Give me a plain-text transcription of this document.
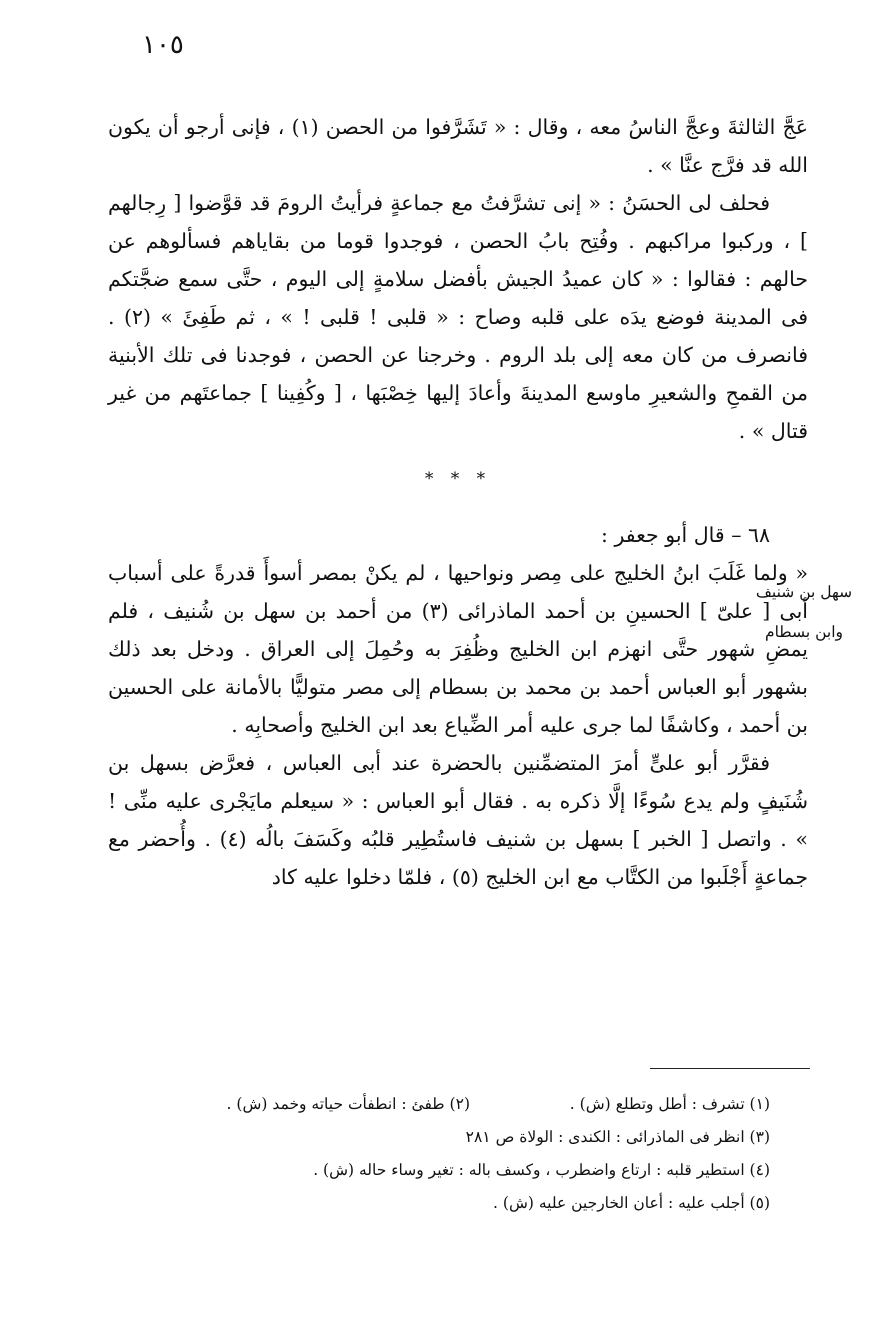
١٠٥

عَجَّ الثالثةَ وعجَّ الناسُ معه ، وقال : « تَشَرَّفوا من الحصن (١) ، فإنى أرجو أن يكون الله قد فرَّج عنَّا » .

فحلف لى الحسَنُ : « إنى تشرَّفتُ مع جماعةٍ فرأيتُ الرومَ قد قوَّضوا [ رِجالهم ] ، وركبوا مراكبهم . وفُتِح بابُ الحصن ، فوجدوا قوما من بقاياهم فسألوهم عن حالهم : فقالوا : « كان عميدُ الجيش بأفضل سلامةٍ إلى اليوم ، حتَّى سمع ضجَّتكم فى المدينة فوضع يدَه على قلبه وصاح : « قلبى ! قلبى ! » ، ثم طَفِئَ » (٢) . فانصرف من كان معه إلى بلد الروم . وخرجنا عن الحصن ، فوجدنا فى تلك الأبنية من القمحِ والشعيرِ ماوسع المدينةَ وأعادَ إليها خِصْبَها ، [ وكُفِينا ] جماعتَهم من غير قتال » .

* * *

٦٨ – قال أبو جعفر :

« ولما غَلَبَ ابنُ الخليج على مِصر ونواحيها ، لم يكنْ بمصر أسوأَ قدرةً على أسباب أبى [ علىّ ] الحسينِ بن أحمد الماذرائى (٣) من أحمد بن سهل بن شُنيف ، فلم يمضِ شهور حتَّى انهزم ابن الخليج وظُفِرَ به وحُمِلَ إلى العراق . ودخل بعد ذلك بشهور أبو العباس أحمد بن محمد بن بسطام إلى مصر متوليًّا بالأمانة على الحسين بن أحمد ، وكاشفًا لما جرى عليه أمر الضِّياع بعد ابن الخليج وأصحابِه .

فقرَّر أبو علىٍّ أمرَ المتضمِّنين بالحضرة عند أبى العباس ، فعرَّض بسهل بن شُنَيفٍ ولم يدع سُوءًا إلَّا ذكره به . فقال أبو العباس : « سيعلم مايَجْرى عليه منِّى ! » . واتصل [ الخبر ] بسهل بن شنيف فاستُطِير قلبُه وكَسَفَ بالُه (٤) . وأُحضر مع جماعةٍ أَجْلَبوا من الكتَّاب مع ابن الخليج (٥) ، فلمّا دخلوا عليه كاد

سهل بن شنيف
وابن بسطام
(١) تشرف : أطل وتطلع (ش) .(٢) طفئ : انطفأت حياته وخمد (ش) .
(٣) انظر فى الماذرائى : الكندى : الولاة ص ٢٨١
(٤) استطير قلبه : ارتاع واضطرب ، وكسف باله : تغير وساء حاله (ش) .
(٥) أجلب عليه : أعان الخارجين عليه (ش) .
